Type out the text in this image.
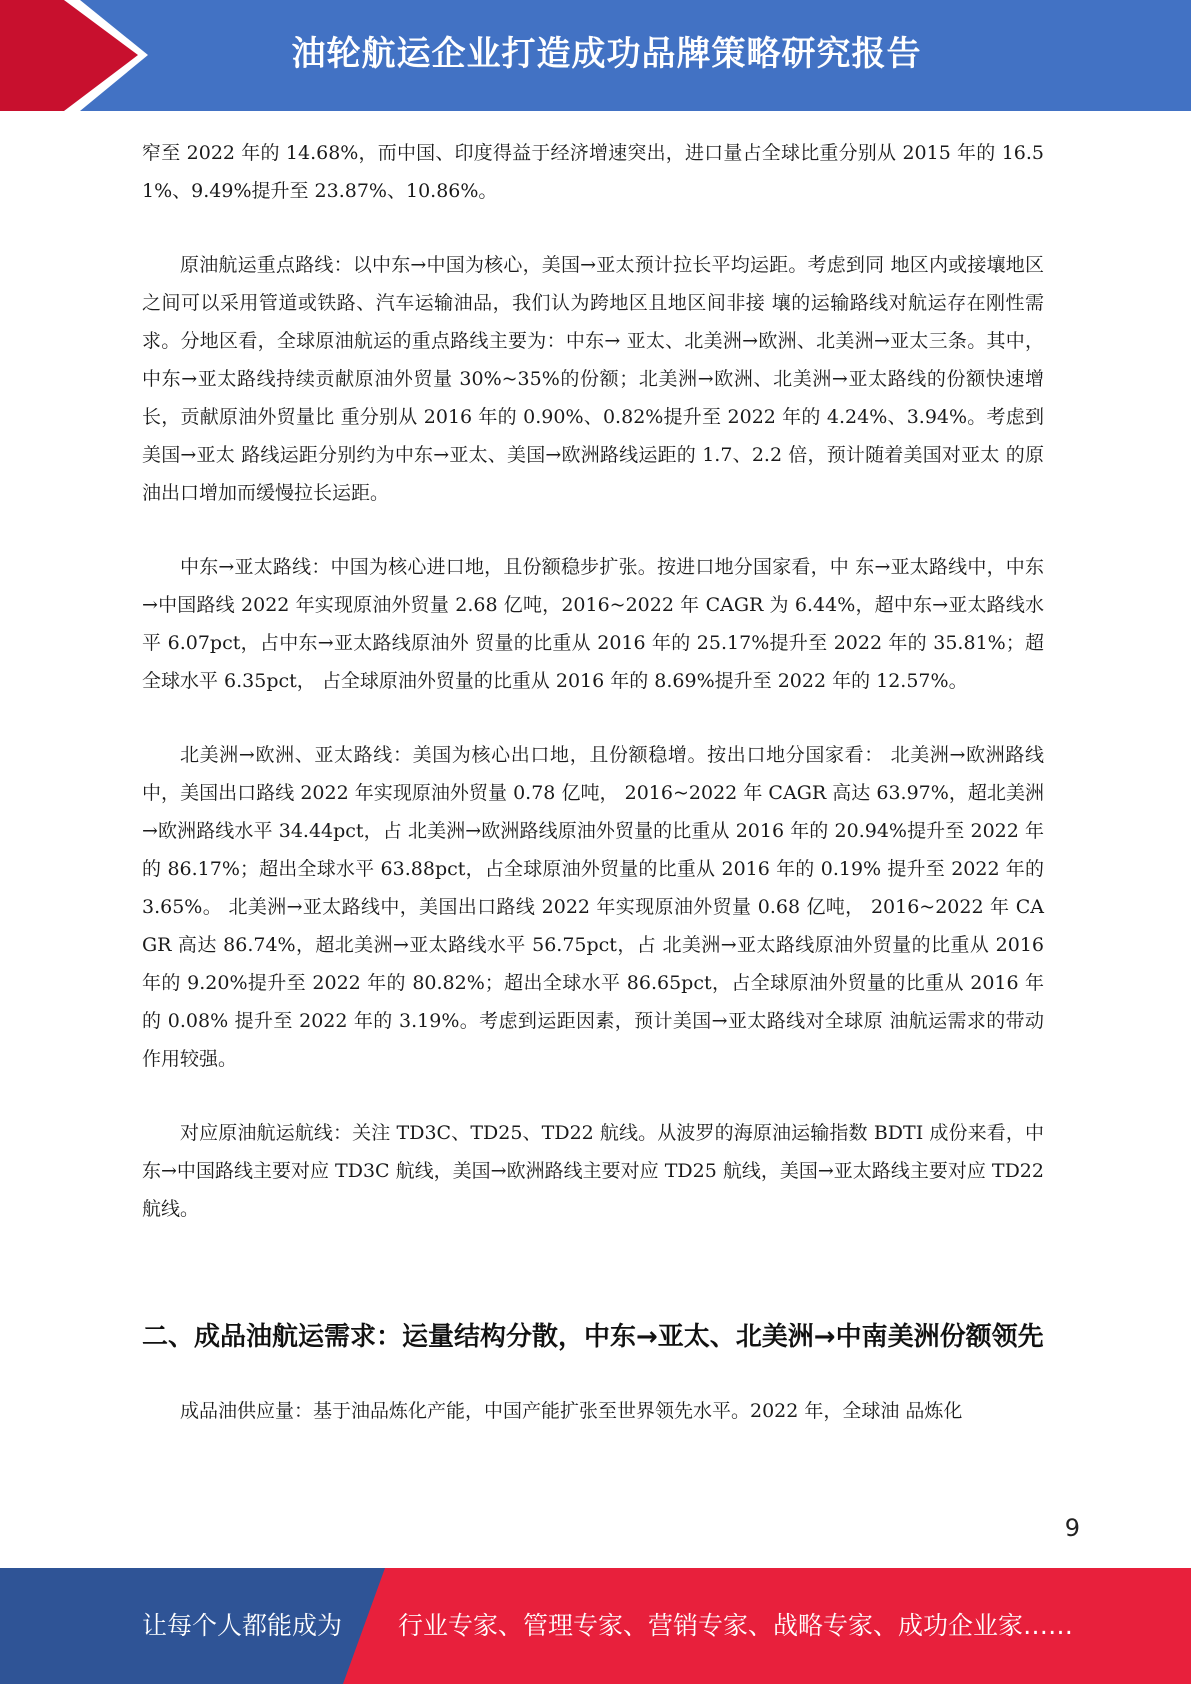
油轮航运企业打造成功品牌策略研究报告

窄至 2022 年的 14.68%，而中国、印度得益于经济增速突出，进口量占全球比重分别从 2015 年的 16.51%、9.49%提升至 23.87%、10.86%。

原油航运重点路线：以中东→中国为核心，美国→亚太预计拉长平均运距。考虑到同 地区内或接壤地区之间可以采用管道或铁路、汽车运输油品，我们认为跨地区且地区间非接 壤的运输路线对航运存在刚性需求。分地区看，全球原油航运的重点路线主要为：中东→ 亚太、北美洲→欧洲、北美洲→亚太三条。其中，中东→亚太路线持续贡献原油外贸量 30%~35%的份额；北美洲→欧洲、北美洲→亚太路线的份额快速增长，贡献原油外贸量比 重分别从 2016 年的 0.90%、0.82%提升至 2022 年的 4.24%、3.94%。考虑到美国→亚太 路线运距分别约为中东→亚太、美国→欧洲路线运距的 1.7、2.2 倍，预计随着美国对亚太 的原油出口增加而缓慢拉长运距。

中东→亚太路线：中国为核心进口地，且份额稳步扩张。按进口地分国家看，中 东→亚太路线中，中东→中国路线 2022 年实现原油外贸量 2.68 亿吨，2016~2022 年 CAGR 为 6.44%，超中东→亚太路线水平 6.07pct，占中东→亚太路线原油外 贸量的比重从 2016 年的 25.17%提升至 2022 年的 35.81%；超全球水平 6.35pct， 占全球原油外贸量的比重从 2016 年的 8.69%提升至 2022 年的 12.57%。

北美洲→欧洲、亚太路线：美国为核心出口地，且份额稳增。按出口地分国家看： 北美洲→欧洲路线中，美国出口路线 2022 年实现原油外贸量 0.78 亿吨， 2016~2022 年 CAGR 高达 63.97%，超北美洲→欧洲路线水平 34.44pct，占 北美洲→欧洲路线原油外贸量的比重从 2016 年的 20.94%提升至 2022 年的 86.17%；超出全球水平 63.88pct，占全球原油外贸量的比重从 2016 年的 0.19% 提升至 2022 年的 3.65%。 北美洲→亚太路线中，美国出口路线 2022 年实现原油外贸量 0.68 亿吨， 2016~2022 年 CAGR 高达 86.74%，超北美洲→亚太路线水平 56.75pct，占 北美洲→亚太路线原油外贸量的比重从 2016 年的 9.20%提升至 2022 年的 80.82%；超出全球水平 86.65pct，占全球原油外贸量的比重从 2016 年的 0.08% 提升至 2022 年的 3.19%。考虑到运距因素，预计美国→亚太路线对全球原 油航运需求的带动作用较强。

对应原油航运航线：关注 TD3C、TD25、TD22 航线。从波罗的海原油运输指数 BDTI 成份来看，中东→中国路线主要对应 TD3C 航线，美国→欧洲路线主要对应 TD25 航线，美国→亚太路线主要对应 TD22 航线。

二、成品油航运需求：运量结构分散，中东→亚太、北美洲→中南美洲份额领先

成品油供应量：基于油品炼化产能，中国产能扩张至世界领先水平。2022 年，全球油 品炼化

9
让每个人都能成为 行业专家、管理专家、营销专家、战略专家、成功企业家……
